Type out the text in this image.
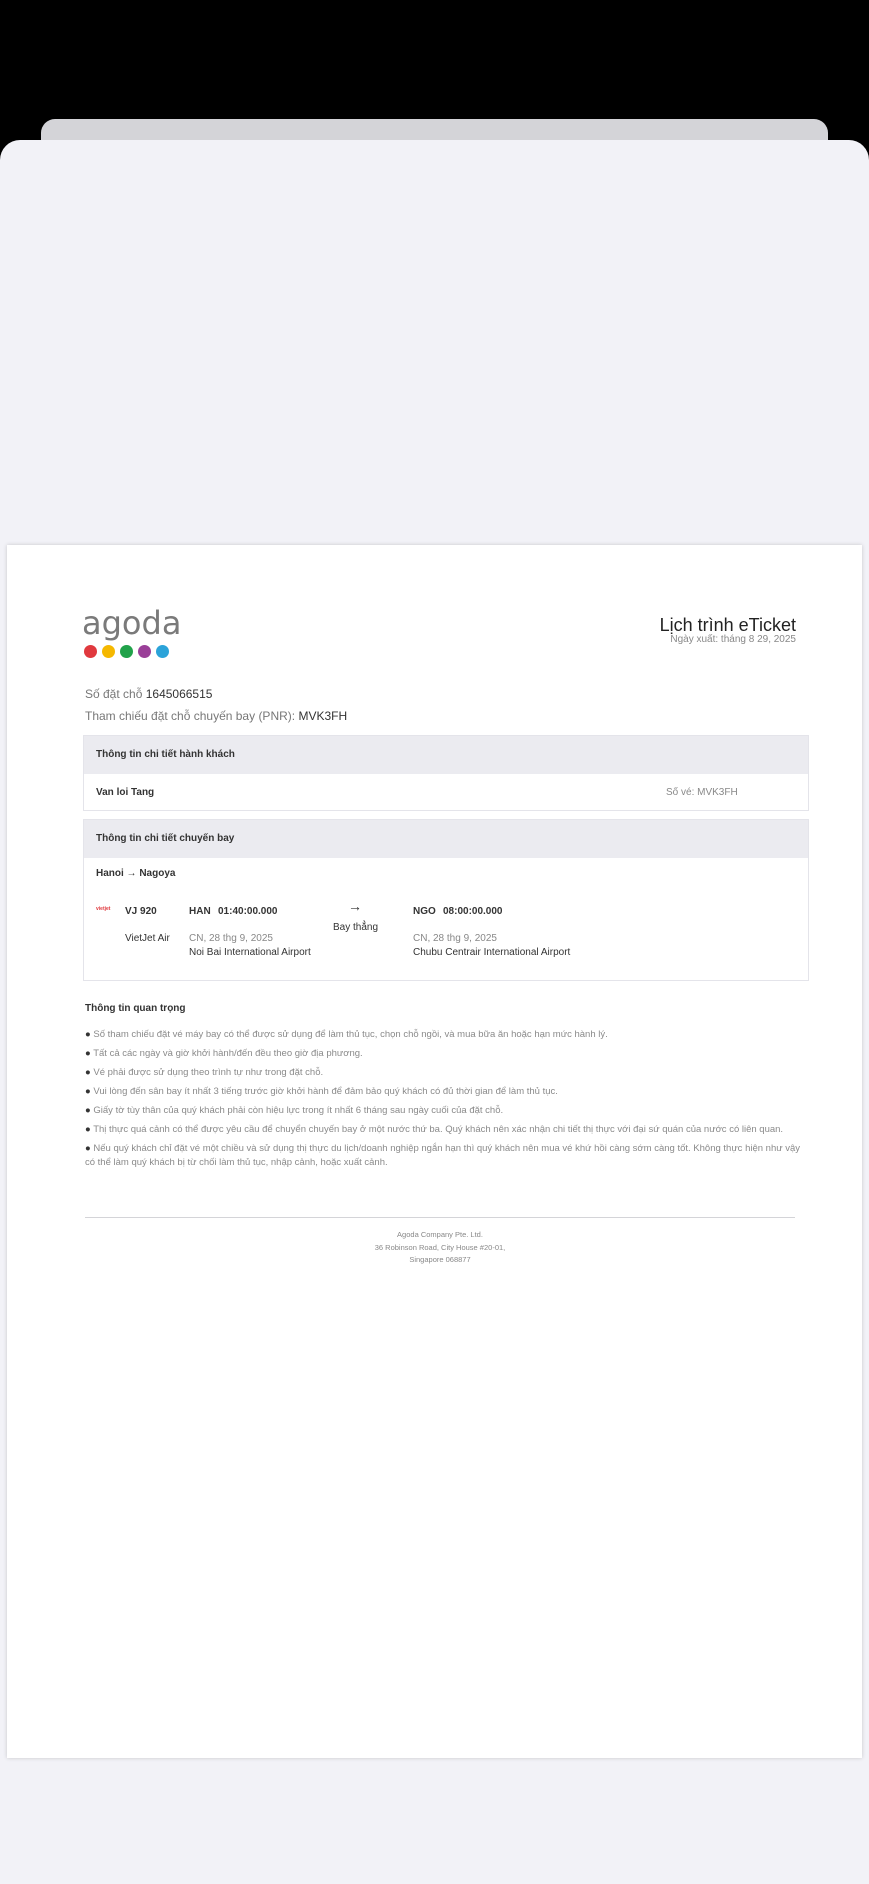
agoda	Lịch trình eTicket
Ngày xuất: tháng 8 29, 2025
Số đặt chỗ 1645066515
Tham chiếu đặt chỗ chuyến bay (PNR): MVK3FH
Thông tin chi tiết hành khách
Van loi Tang	Số vé: MVK3FH
Thông tin chi tiết chuyến bay
Hanoi → Nagoya
vietjet VJ 920
VietJet Air
HAN 01:40:00.000
CN, 28 thg 9, 2025
Noi Bai International Airport
→
Bay thẳng
NGO 08:00:00.000
CN, 28 thg 9, 2025
Chubu Centrair International Airport
Thông tin quan trọng
● Số tham chiếu đặt vé máy bay có thể được sử dụng để làm thủ tục, chọn chỗ ngồi, và mua bữa ăn hoặc hạn mức hành lý.
● Tất cả các ngày và giờ khởi hành/đến đều theo giờ địa phương.
● Vé phải được sử dụng theo trình tự như trong đặt chỗ.
● Vui lòng đến sân bay ít nhất 3 tiếng trước giờ khởi hành để đảm bảo quý khách có đủ thời gian để làm thủ tục.
● Giấy tờ tùy thân của quý khách phải còn hiệu lực trong ít nhất 6 tháng sau ngày cuối của đặt chỗ.
● Thị thực quá cảnh có thể được yêu cầu để chuyển chuyến bay ở một nước thứ ba. Quý khách nên xác nhận chi tiết thị thực với đại sứ quán của nước có liên quan.
● Nếu quý khách chỉ đặt vé một chiều và sử dụng thị thực du lịch/doanh nghiệp ngắn hạn thì quý khách nên mua vé khứ hồi càng sớm càng tốt. Không thực hiện như vậy có thể làm quý khách bị từ chối làm thủ tục, nhập cảnh, hoặc xuất cảnh.
Agoda Company Pte. Ltd.
36 Robinson Road, City House #20-01,
Singapore 068877
